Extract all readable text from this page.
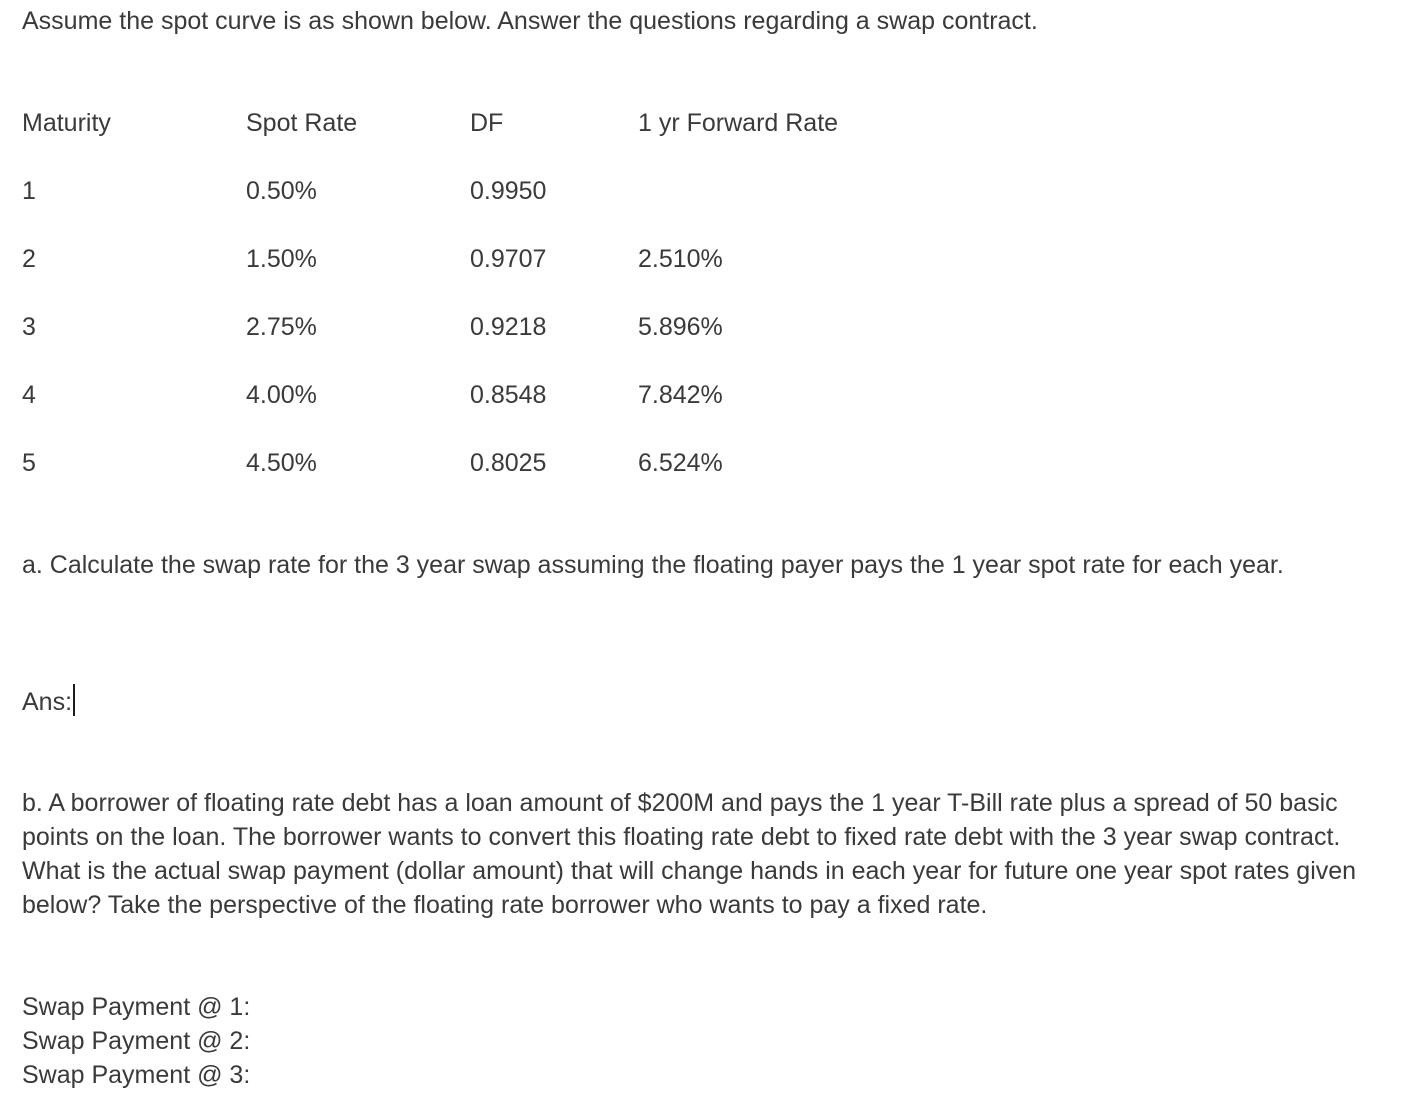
Assume the spot curve is as shown below. Answer the questions regarding a swap contract.
Maturity	Spot Rate	DF	1 yr Forward Rate
1	0.50%	0.9950
2	1.50%	0.9707	2.510%
3	2.75%	0.9218	5.896%
4	4.00%	0.8548	7.842%
5	4.50%	0.8025	6.524%
a. Calculate the swap rate for the 3 year swap assuming the floating payer pays the 1 year spot rate for each year.
Ans:
b. A borrower of floating rate debt has a loan amount of $200M and pays the 1 year T-Bill rate plus a spread of 50 basic points on the loan. The borrower wants to convert this floating rate debt to fixed rate debt with the 3 year swap contract. What is the actual swap payment (dollar amount) that will change hands in each year for future one year spot rates given below? Take the perspective of the floating rate borrower who wants to pay a fixed rate.
Swap Payment @ 1:
Swap Payment @ 2:
Swap Payment @ 3:
